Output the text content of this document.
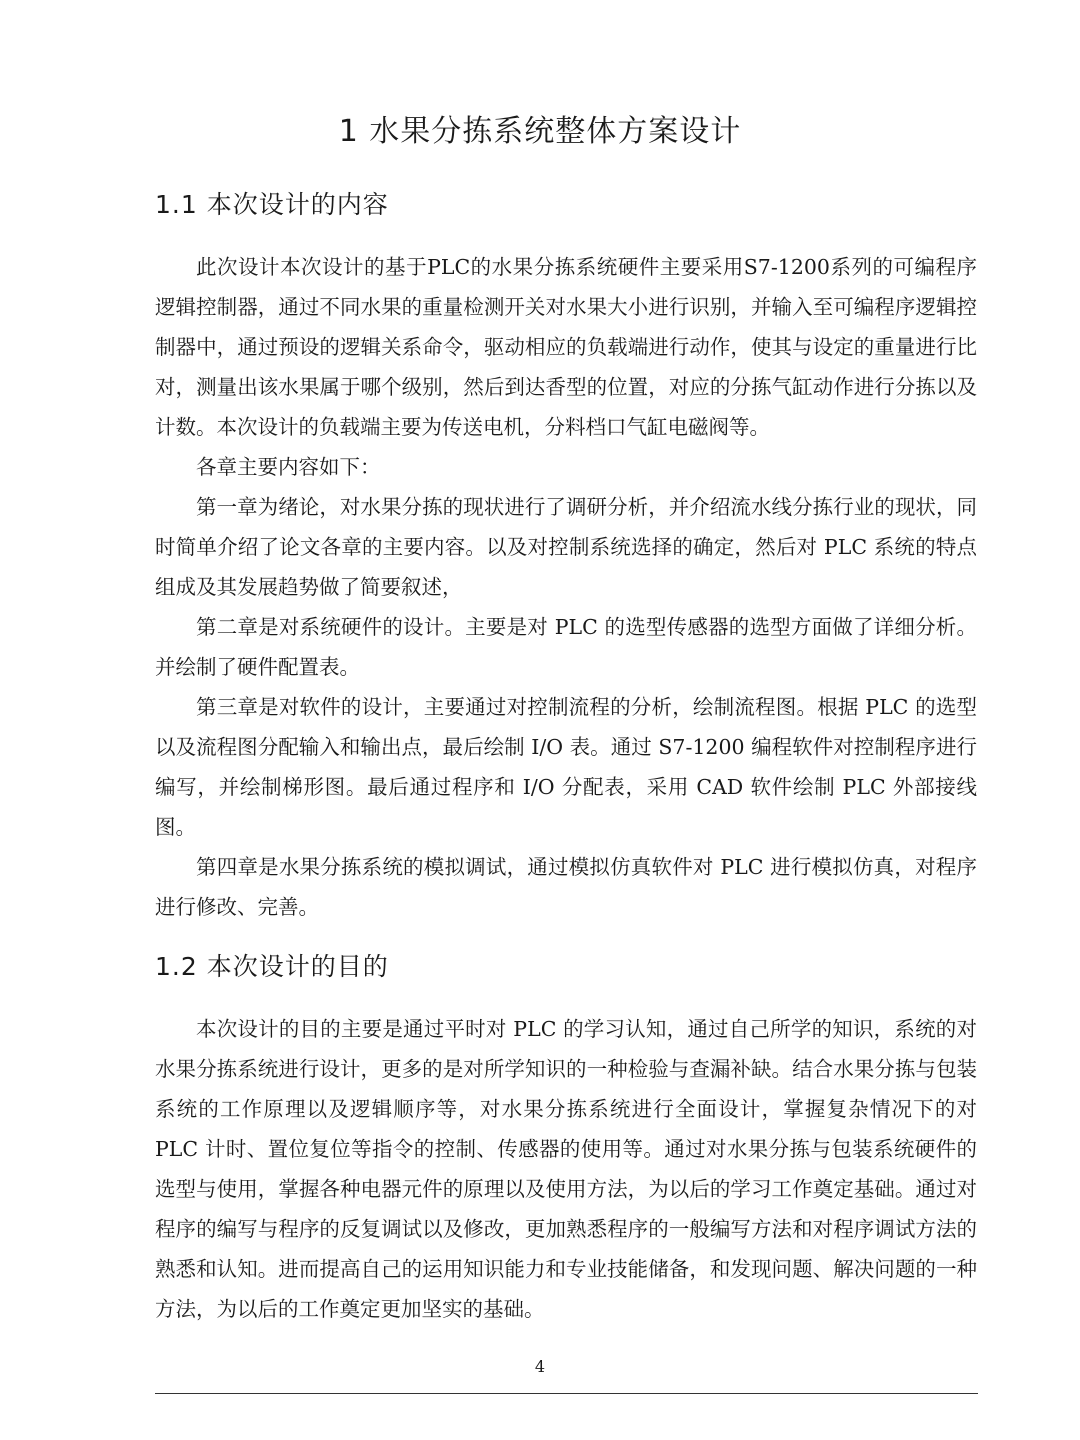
1 水果分拣系统整体方案设计
1.1 本次设计的内容

此次设计本次设计的基于PLC的水果分拣系统硬件主要采用S7-1200系列的可编程序逻辑控制器，通过不同水果的重量检测开关对水果大小进行识别，并输入至可编程序逻辑控制器中，通过预设的逻辑关系命令，驱动相应的负载端进行动作，使其与设定的重量进行比对，测量出该水果属于哪个级别，然后到达香型的位置，对应的分拣气缸动作进行分拣以及计数。本次设计的负载端主要为传送电机，分料档口气缸电磁阀等。

各章主要内容如下：

第一章为绪论，对水果分拣的现状进行了调研分析，并介绍流水线分拣行业的现状，同时简单介绍了论文各章的主要内容。以及对控制系统选择的确定，然后对 PLC 系统的特点组成及其发展趋势做了简要叙述，

第二章是对系统硬件的设计。主要是对 PLC 的选型传感器的选型方面做了详细分析。并绘制了硬件配置表。

第三章是对软件的设计，主要通过对控制流程的分析，绘制流程图。根据 PLC 的选型以及流程图分配输入和输出点，最后绘制 I/O 表。通过 S7-1200 编程软件对控制程序进行编写，并绘制梯形图。最后通过程序和 I/O 分配表，采用 CAD 软件绘制 PLC 外部接线图。

第四章是水果分拣系统的模拟调试，通过模拟仿真软件对 PLC 进行模拟仿真，对程序进行修改、完善。

1.2 本次设计的目的

本次设计的目的主要是通过平时对 PLC 的学习认知，通过自己所学的知识，系统的对水果分拣系统进行设计，更多的是对所学知识的一种检验与查漏补缺。结合水果分拣与包装系统的工作原理以及逻辑顺序等，对水果分拣系统进行全面设计，掌握复杂情况下的对 PLC 计时、置位复位等指令的控制、传感器的使用等。通过对水果分拣与包装系统硬件的选型与使用，掌握各种电器元件的原理以及使用方法，为以后的学习工作奠定基础。通过对程序的编写与程序的反复调试以及修改，更加熟悉程序的一般编写方法和对程序调试方法的熟悉和认知。进而提高自己的运用知识能力和专业技能储备，和发现问题、解决问题的一种方法，为以后的工作奠定更加坚实的基础。

4
